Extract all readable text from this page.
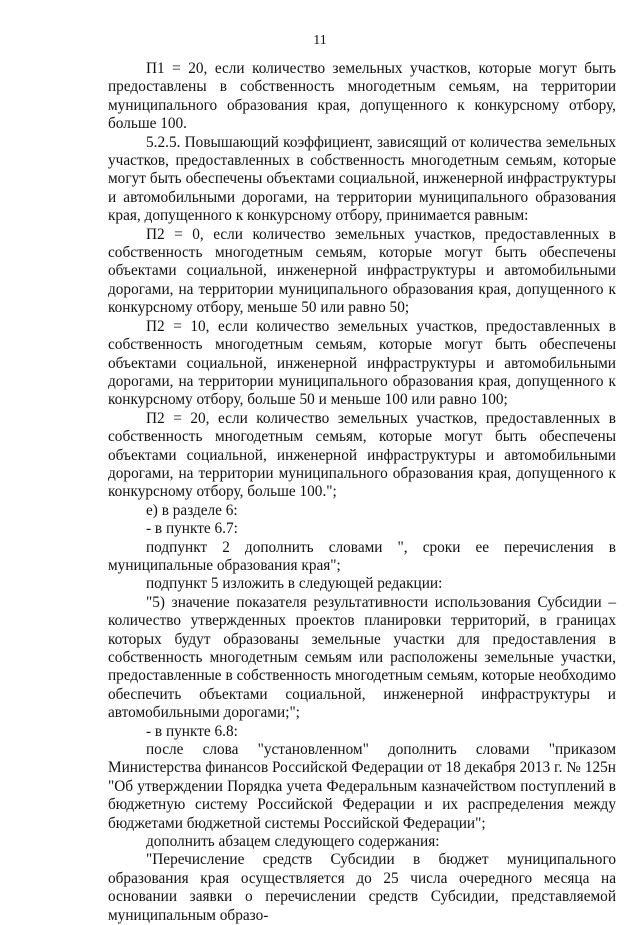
11

П1 = 20, если количество земельных участков, которые могут быть предоставлены в собственность многодетным семьям, на территории муниципального образования края, допущенного к конкурсному отбору, больше 100.

5.2.5. Повышающий коэффициент, зависящий от количества земельных участков, предоставленных в собственность многодетным семьям, которые могут быть обеспечены объектами социальной, инженерной инфраструктуры и автомобильными дорогами, на территории муниципального образования края, допущенного к конкурсному отбору, принимается равным:

П2 = 0, если количество земельных участков, предоставленных в собственность многодетным семьям, которые могут быть обеспечены объектами социальной, инженерной инфраструктуры и автомобильными дорогами, на территории муниципального образования края, допущенного к конкурсному отбору, меньше 50 или равно 50;

П2 = 10, если количество земельных участков, предоставленных в собственность многодетным семьям, которые могут быть обеспечены объектами социальной, инженерной инфраструктуры и автомобильными дорогами, на территории муниципального образования края, допущенного к конкурсному отбору, больше 50 и меньше 100 или равно 100;

П2 = 20, если количество земельных участков, предоставленных в собственность многодетным семьям, которые могут быть обеспечены объектами социальной, инженерной инфраструктуры и автомобильными дорогами, на территории муниципального образования края, допущенного к конкурсному отбору, больше 100.";

е) в разделе 6:

- в пункте 6.7:

подпункт 2 дополнить словами ", сроки ее перечисления в муниципальные образования края";

подпункт 5 изложить в следующей редакции:

"5) значение показателя результативности использования Субсидии – количество утвержденных проектов планировки территорий, в границах которых будут образованы земельные участки для предоставления в собственность многодетным семьям или расположены земельные участки, предоставленные в собственность многодетным семьям, которые необходимо обеспечить объектами социальной, инженерной инфраструктуры и автомобильными дорогами;";

- в пункте 6.8:

после слова "установленном" дополнить словами "приказом Министерства финансов Российской Федерации от 18 декабря 2013 г. № 125н "Об утверждении Порядка учета Федеральным казначейством поступлений в бюджетную систему Российской Федерации и их распределения между бюджетами бюджетной системы Российской Федерации";

дополнить абзацем следующего содержания:

"Перечисление средств Субсидии в бюджет муниципального образования края осуществляется до 25 числа очередного месяца на основании заявки о перечислении средств Субсидии, представляемой муниципальным образо-
